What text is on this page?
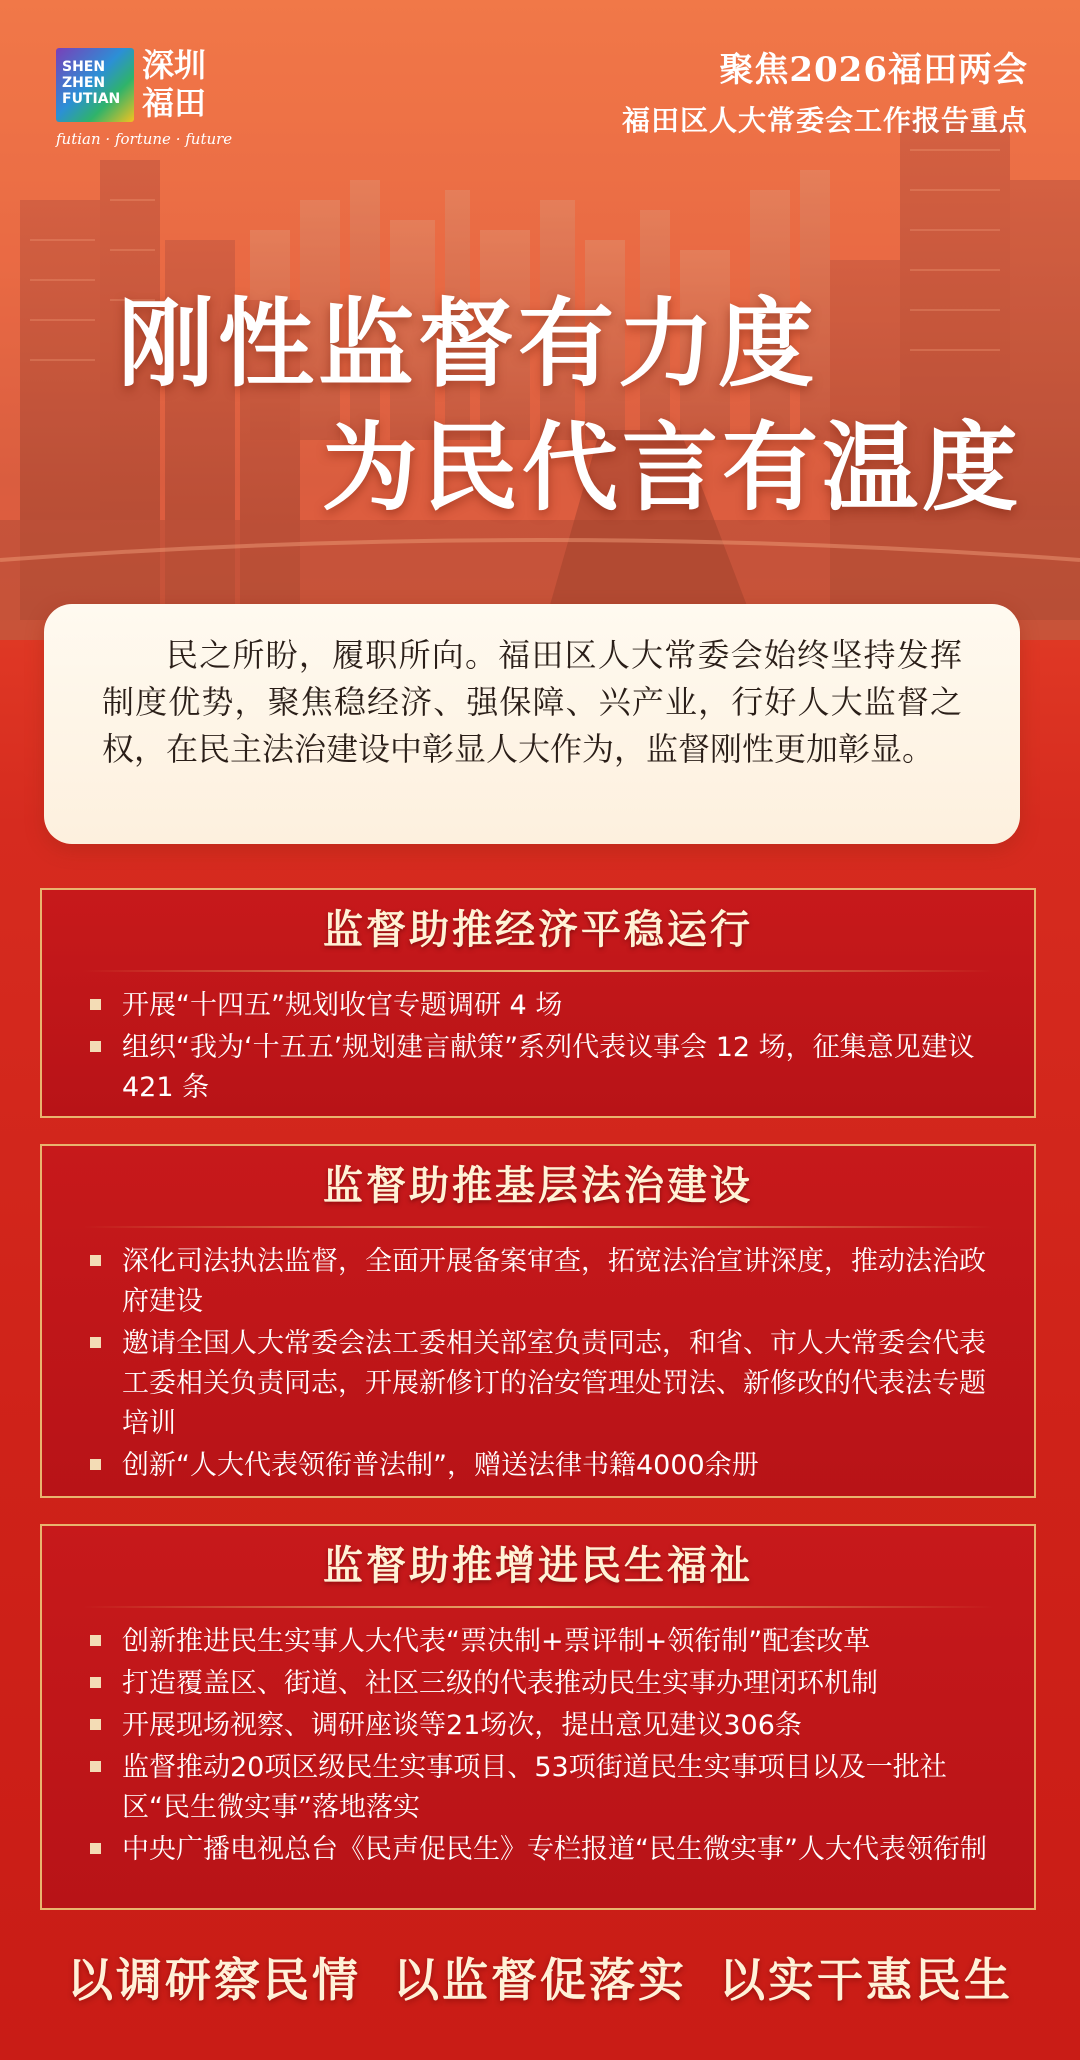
SHEN
ZHEN
FUTIAN
深圳
福田
futian · fortune · future
聚焦2026福田两会
福田区人大常委会工作报告重点
刚性监督有力度
为民代言有温度

民之所盼，履职所向。福田区人大常委会始终坚持发挥制度优势，聚焦稳经济、强保障、兴产业，行好人大监督之权，在民主法治建设中彰显人大作为，监督刚性更加彰显。

监督助推经济平稳运行
开展“十四五”规划收官专题调研 4 场
组织“我为‘十五五’规划建言献策”系列代表议事会 12 场，征集意见建议 421 条
监督助推基层法治建设
深化司法执法监督，全面开展备案审查，拓宽法治宣讲深度，推动法治政府建设
邀请全国人大常委会法工委相关部室负责同志，和省、市人大常委会代表工委相关负责同志，开展新修订的治安管理处罚法、新修改的代表法专题培训
创新“人大代表领衔普法制”，赠送法律书籍4000余册
监督助推增进民生福祉
创新推进民生实事人大代表“票决制+票评制+领衔制”配套改革
打造覆盖区、街道、社区三级的代表推动民生实事办理闭环机制
开展现场视察、调研座谈等21场次，提出意见建议306条
监督推动20项区级民生实事项目、53项街道民生实事项目以及一批社区“民生微实事”落地落实
中央广播电视总台《民声促民生》专栏报道“民生微实事”人大代表领衔制
以调研察民情 以监督促落实 以实干惠民生
